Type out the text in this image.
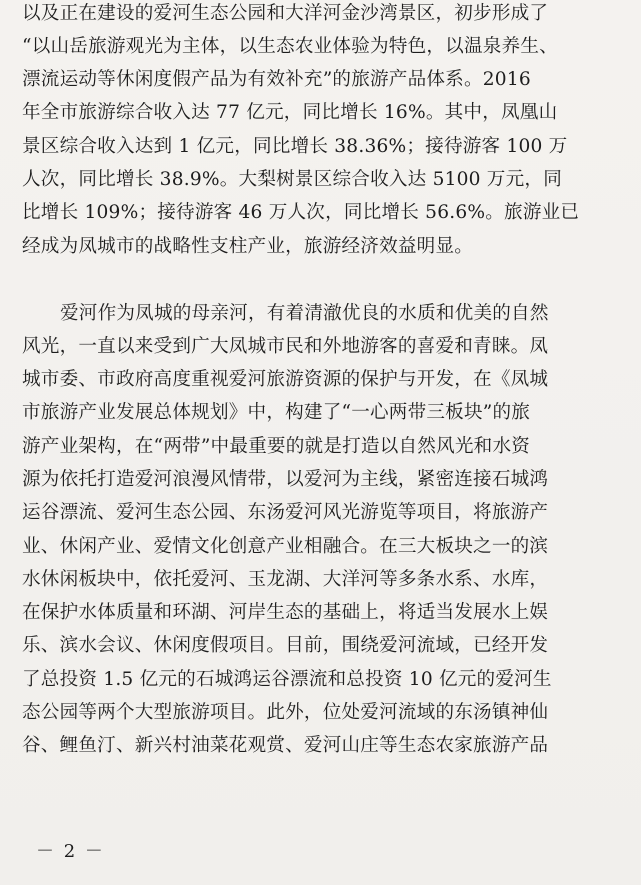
以及正在建设的爱河生态公园和大洋河金沙湾景区，初步形成了
“以山岳旅游观光为主体，以生态农业体验为特色，以温泉养生、
漂流运动等休闲度假产品为有效补充”的旅游产品体系。2016
年全市旅游综合收入达 77 亿元，同比增长 16%。其中，凤凰山
景区综合收入达到 1 亿元，同比增长 38.36%；接待游客 100 万
人次，同比增长 38.9%。大梨树景区综合收入达 5100 万元，同
比增长 109%；接待游客 46 万人次，同比增长 56.6%。旅游业已
经成为凤城市的战略性支柱产业，旅游经济效益明显。
爱河作为凤城的母亲河，有着清澈优良的水质和优美的自然
风光，一直以来受到广大凤城市民和外地游客的喜爱和青睐。凤
城市委、市政府高度重视爱河旅游资源的保护与开发，在《凤城
市旅游产业发展总体规划》中，构建了“一心两带三板块”的旅
游产业架构，在“两带”中最重要的就是打造以自然风光和水资
源为依托打造爱河浪漫风情带，以爱河为主线，紧密连接石城鸿
运谷漂流、爱河生态公园、东汤爱河风光游览等项目，将旅游产
业、休闲产业、爱情文化创意产业相融合。在三大板块之一的滨
水休闲板块中，依托爱河、玉龙湖、大洋河等多条水系、水库，
在保护水体质量和环湖、河岸生态的基础上，将适当发展水上娱
乐、滨水会议、休闲度假项目。目前，围绕爱河流域，已经开发
了总投资 1.5 亿元的石城鸿运谷漂流和总投资 10 亿元的爱河生
态公园等两个大型旅游项目。此外，位处爱河流域的东汤镇神仙
谷、鲤鱼汀、新兴村油菜花观赏、爱河山庄等生态农家旅游产品
－ 2 －
